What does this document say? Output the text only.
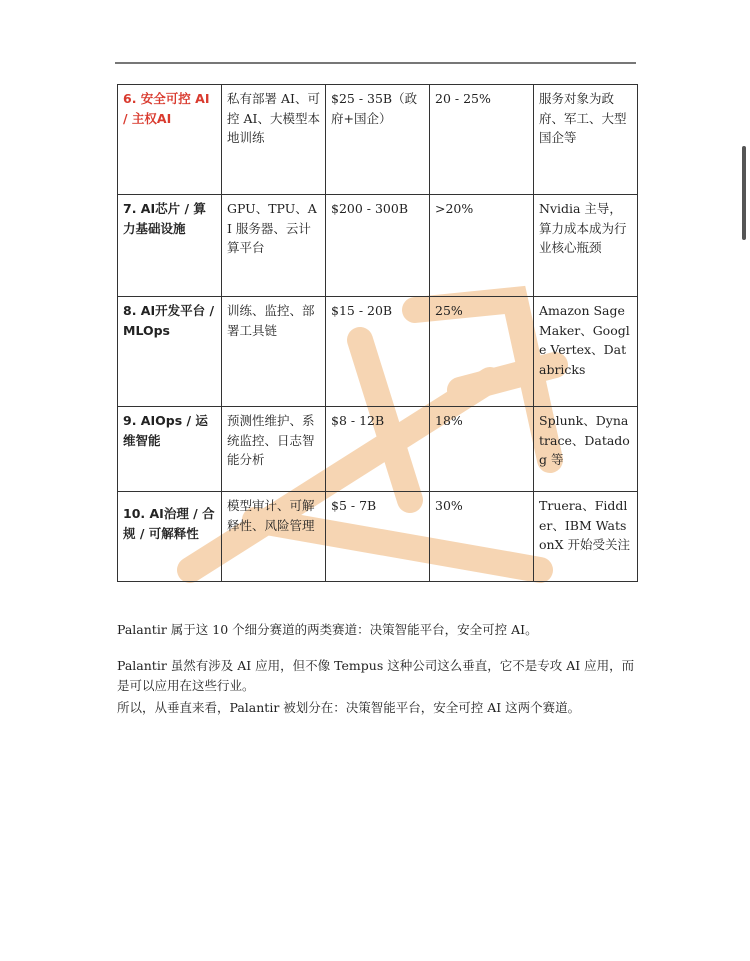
6. 安全可控 AI / 主权AI	私有部署 AI、可控 AI、大模型本地训练	$25 - 35B（政府+国企）	20 - 25%	服务对象为政府、军工、大型国企等
7. AI芯片 / 算力基础设施	GPU、TPU、AI 服务器、云计算平台	$200 - 300B	>20%	Nvidia 主导，算力成本成为行业核心瓶颈
8. AI开发平台 / MLOps	训练、监控、部署工具链	$15 - 20B	25%	Amazon SageMaker、Google Vertex、Databricks
9. AIOps / 运维智能	预测性维护、系统监控、日志智能分析	$8 - 12B	18%	Splunk、Dynatrace、Datadog 等
10. AI治理 / 合规 / 可解释性	模型审计、可解释性、风险管理	$5 - 7B	30%	Truera、Fiddler、IBM WatsonX 开始受关注

Palantir 属于这 10 个细分赛道的两类赛道：决策智能平台，安全可控 AI。

Palantir 虽然有涉及 AI 应用，但不像 Tempus 这种公司这么垂直，它不是专攻 AI 应用，而是可以应用在这些行业。

所以，从垂直来看，Palantir 被划分在：决策智能平台，安全可控 AI 这两个赛道。
